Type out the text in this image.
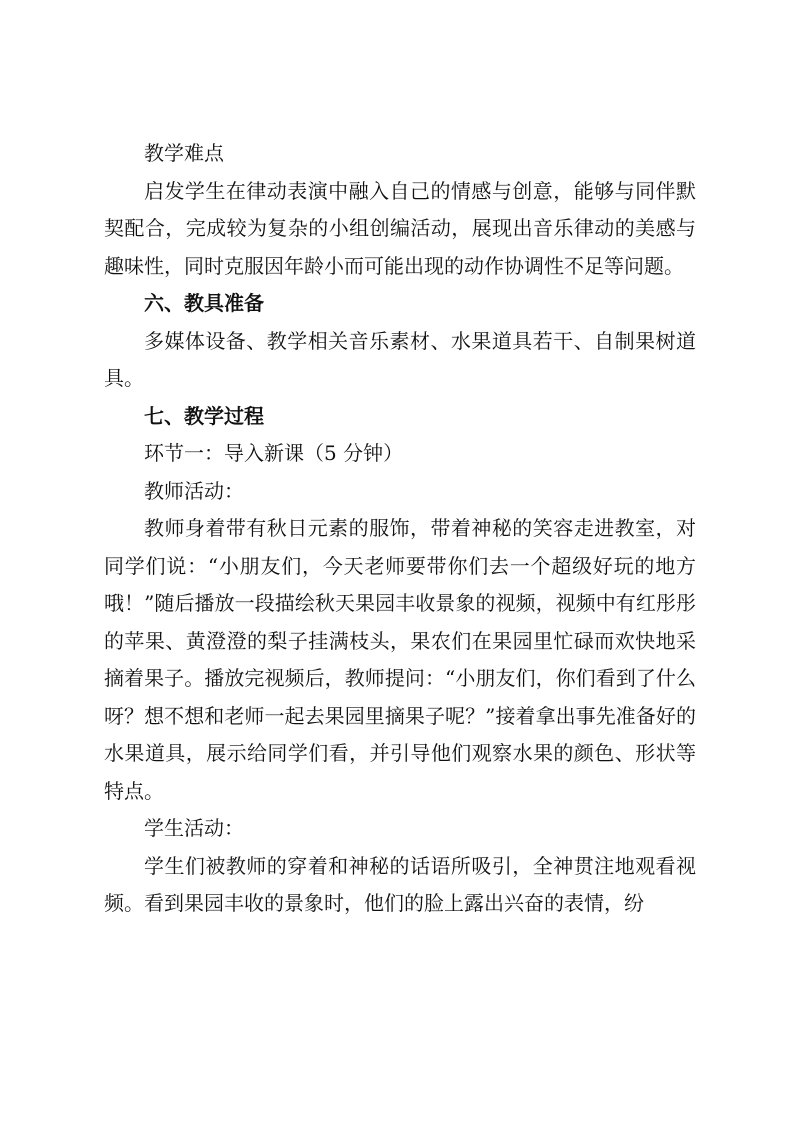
教学难点

启发学生在律动表演中融入自己的情感与创意，能够与同伴默契配合，完成较为复杂的小组创编活动，展现出音乐律动的美感与趣味性，同时克服因年龄小而可能出现的动作协调性不足等问题。

六、教具准备

多媒体设备、教学相关音乐素材、水果道具若干、自制果树道具。

七、教学过程

环节一：导入新课（5 分钟）

教师活动：

教师身着带有秋日元素的服饰，带着神秘的笑容走进教室，对同学们说：“小朋友们，今天老师要带你们去一个超级好玩的地方哦！”随后播放一段描绘秋天果园丰收景象的视频，视频中有红彤彤的苹果、黄澄澄的梨子挂满枝头，果农们在果园里忙碌而欢快地采摘着果子。播放完视频后，教师提问：“小朋友们，你们看到了什么呀？想不想和老师一起去果园里摘果子呢？”接着拿出事先准备好的水果道具，展示给同学们看，并引导他们观察水果的颜色、形状等特点。

学生活动：

学生们被教师的穿着和神秘的话语所吸引，全神贯注地观看视频。看到果园丰收的景象时，他们的脸上露出兴奋的表情，纷
